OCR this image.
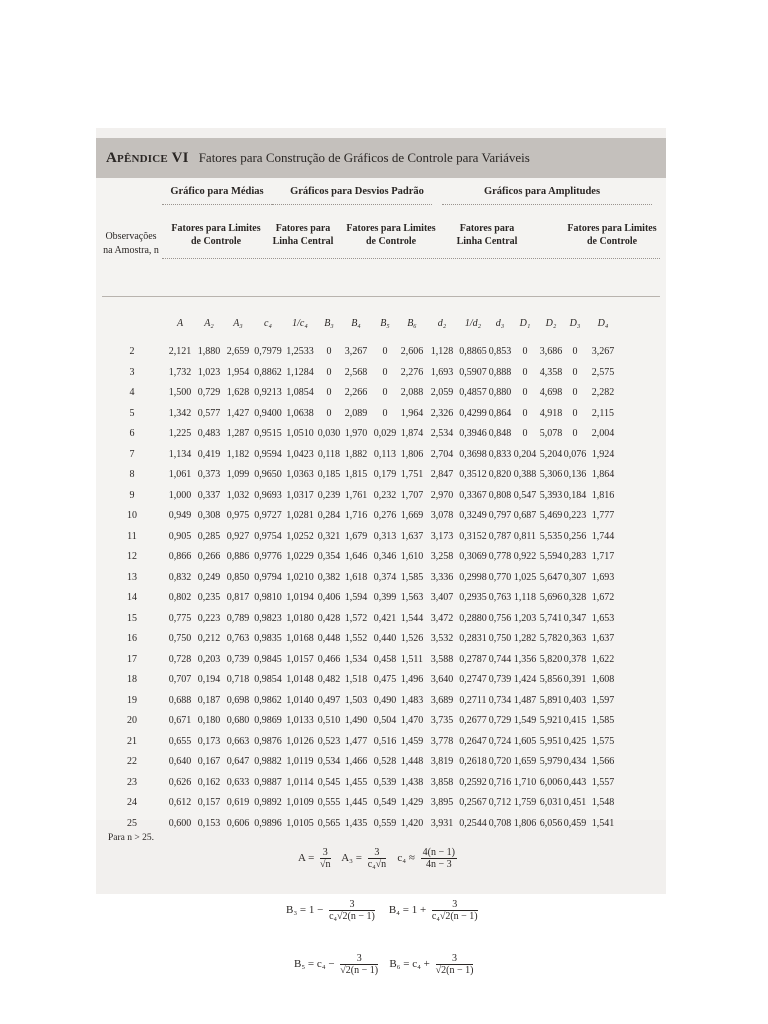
Apêndice VI Fatores para Construção de Gráficos de Controle para Variáveis
Gráfico para Médias	Gráficos para Desvios Padrão	Gráficos para Amplitudes
Fatores para Limites de Controle
Fatores para Linha Central
Fatores para Limites de Controle
Fatores para Linha Central
Fatores para Limites de Controle
Observações na Amostra, n
A A₂ A₃ c₄ 1/c₄ B₃ B₄ B₅ B₆ d₂ 1/d₂ d₃ D₁ D₂ D₃ D₄
2	2,121 1,880 2,659 0,7979 1,2533 0 3,267 0 2,606 1,128 0,8865 0,853 0 3,686 0 3,267
3	1,732 1,023 1,954 0,8862 1,1284 0 2,568 0 2,276 1,693 0,5907 0,888 0 4,358 0 2,575
4	1,500 0,729 1,628 0,9213 1,0854 0 2,266 0 2,088 2,059 0,4857 0,880 0 4,698 0 2,282
5	1,342 0,577 1,427 0,9400 1,0638 0 2,089 0 1,964 2,326 0,4299 0,864 0 4,918 0 2,115
6	1,225 0,483 1,287 0,9515 1,0510 0,030 1,970 0,029 1,874 2,534 0,3946 0,848 0 5,078 0 2,004
7	1,134 0,419 1,182 0,9594 1,0423 0,118 1,882 0,113 1,806 2,704 0,3698 0,833 0,204 5,204 0,076 1,924
8	1,061 0,373 1,099 0,9650 1,0363 0,185 1,815 0,179 1,751 2,847 0,3512 0,820 0,388 5,306 0,136 1,864
9	1,000 0,337 1,032 0,9693 1,0317 0,239 1,761 0,232 1,707 2,970 0,3367 0,808 0,547 5,393 0,184 1,816
10	0,949 0,308 0,975 0,9727 1,0281 0,284 1,716 0,276 1,669 3,078 0,3249 0,797 0,687 5,469 0,223 1,777
11	0,905 0,285 0,927 0,9754 1,0252 0,321 1,679 0,313 1,637 3,173 0,3152 0,787 0,811 5,535 0,256 1,744
12	0,866 0,266 0,886 0,9776 1,0229 0,354 1,646 0,346 1,610 3,258 0,3069 0,778 0,922 5,594 0,283 1,717
13	0,832 0,249 0,850 0,9794 1,0210 0,382 1,618 0,374 1,585 3,336 0,2998 0,770 1,025 5,647 0,307 1,693
14	0,802 0,235 0,817 0,9810 1,0194 0,406 1,594 0,399 1,563 3,407 0,2935 0,763 1,118 5,696 0,328 1,672
15	0,775 0,223 0,789 0,9823 1,0180 0,428 1,572 0,421 1,544 3,472 0,2880 0,756 1,203 5,741 0,347 1,653
16	0,750 0,212 0,763 0,9835 1,0168 0,448 1,552 0,440 1,526 3,532 0,2831 0,750 1,282 5,782 0,363 1,637
17	0,728 0,203 0,739 0,9845 1,0157 0,466 1,534 0,458 1,511 3,588 0,2787 0,744 1,356 5,820 0,378 1,622
18	0,707 0,194 0,718 0,9854 1,0148 0,482 1,518 0,475 1,496 3,640 0,2747 0,739 1,424 5,856 0,391 1,608
19	0,688 0,187 0,698 0,9862 1,0140 0,497 1,503 0,490 1,483 3,689 0,2711 0,734 1,487 5,891 0,403 1,597
20	0,671 0,180 0,680 0,9869 1,0133 0,510 1,490 0,504 1,470 3,735 0,2677 0,729 1,549 5,921 0,415 1,585
21	0,655 0,173 0,663 0,9876 1,0126 0,523 1,477 0,516 1,459 3,778 0,2647 0,724 1,605 5,951 0,425 1,575
22	0,640 0,167 0,647 0,9882 1,0119 0,534 1,466 0,528 1,448 3,819 0,2618 0,720 1,659 5,979 0,434 1,566
23	0,626 0,162 0,633 0,9887 1,0114 0,545 1,455 0,539 1,438 3,858 0,2592 0,716 1,710 6,006 0,443 1,557
24	0,612 0,157 0,619 0,9892 1,0109 0,555 1,445 0,549 1,429 3,895 0,2567 0,712 1,759 6,031 0,451 1,548
25	0,600 0,153 0,606 0,9896 1,0105 0,565 1,435 0,559 1,420 3,931 0,2544 0,708 1,806 6,056 0,459 1,541
Para n > 25.
$A = \frac{3}{√n} A_3 = \frac{3}{\text{c₄√n}} c_4 \approx \frac{4(n - 1)}{4n - 3}$
$B_3 = 1 - \frac{3}{\text{c₄√2(n − 1)}} B_4 = 1 + \frac{3}{\text{c₄√2(n − 1)}}$
$B_5 = c_4 - \frac{3}{√2(n - 1)} B_6 = c_4 + \frac{3}{√2(n - 1)}$
